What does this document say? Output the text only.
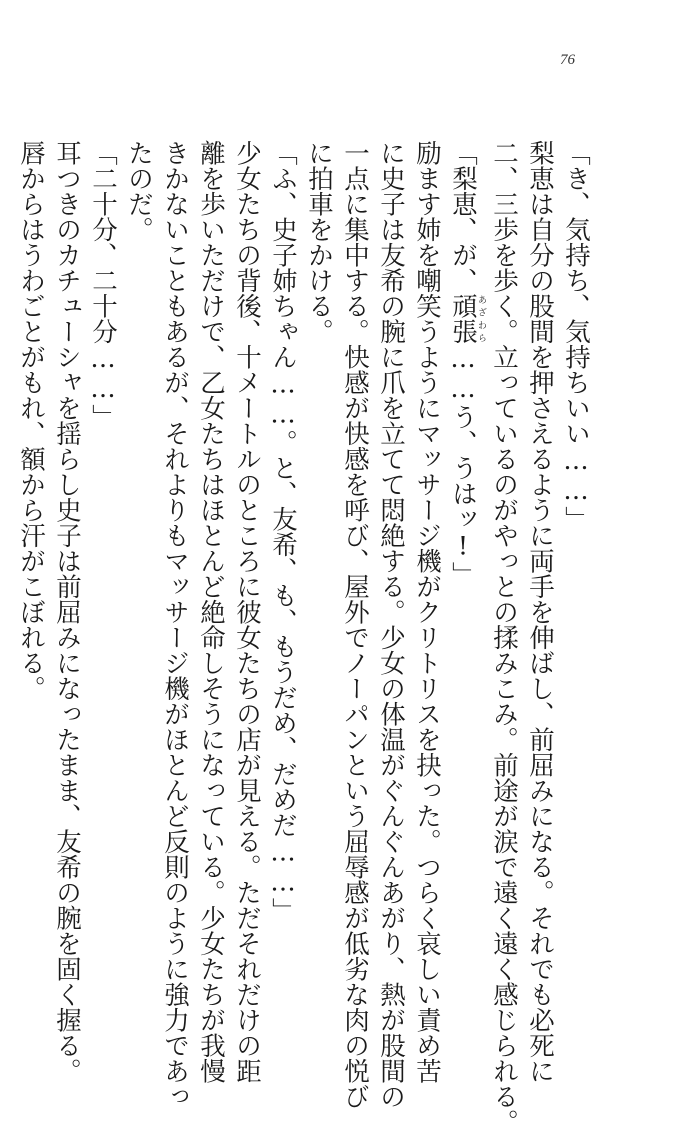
76
「き、気持ち、気持ちいい……」
梨恵は自分の股間を押さえるように両手を伸ばし、前屈みになる。それでも必死に
二、三歩を歩く。立っているのがやっとの揉みこみ。前途が涙で遠く遠く感じられる。
「梨恵、が、頑張あざわら……う、うはッ!」
励ます姉を嘲笑うようにマッサージ機がクリトリスを抉った。つらく哀しい責め苦
に史子は友希の腕に爪を立てて悶絶する。少女の体温がぐんぐんあがり、熱が股間の
一点に集中する。快感が快感を呼び、屋外でノーパンという屈辱感が低劣な肉の悦び
に拍車をかける。
「ふ、史子姉ちゃん……。と、友希、も、もうだめ、だめだ……」
少女たちの背後、十メートルのところに彼女たちの店が見える。ただそれだけの距
離を歩いただけで、乙女たちはほとんど絶命しそうになっている。少女たちが我慢
きかないこともあるが、それよりもマッサージ機がほとんど反則のように強力であっ
たのだ。
「二十分、二十分……」
耳つきのカチューシャを揺らし史子は前屈みになったまま、友希の腕を固く握る。
唇からはうわごとがもれ、額から汗がこぼれる。
